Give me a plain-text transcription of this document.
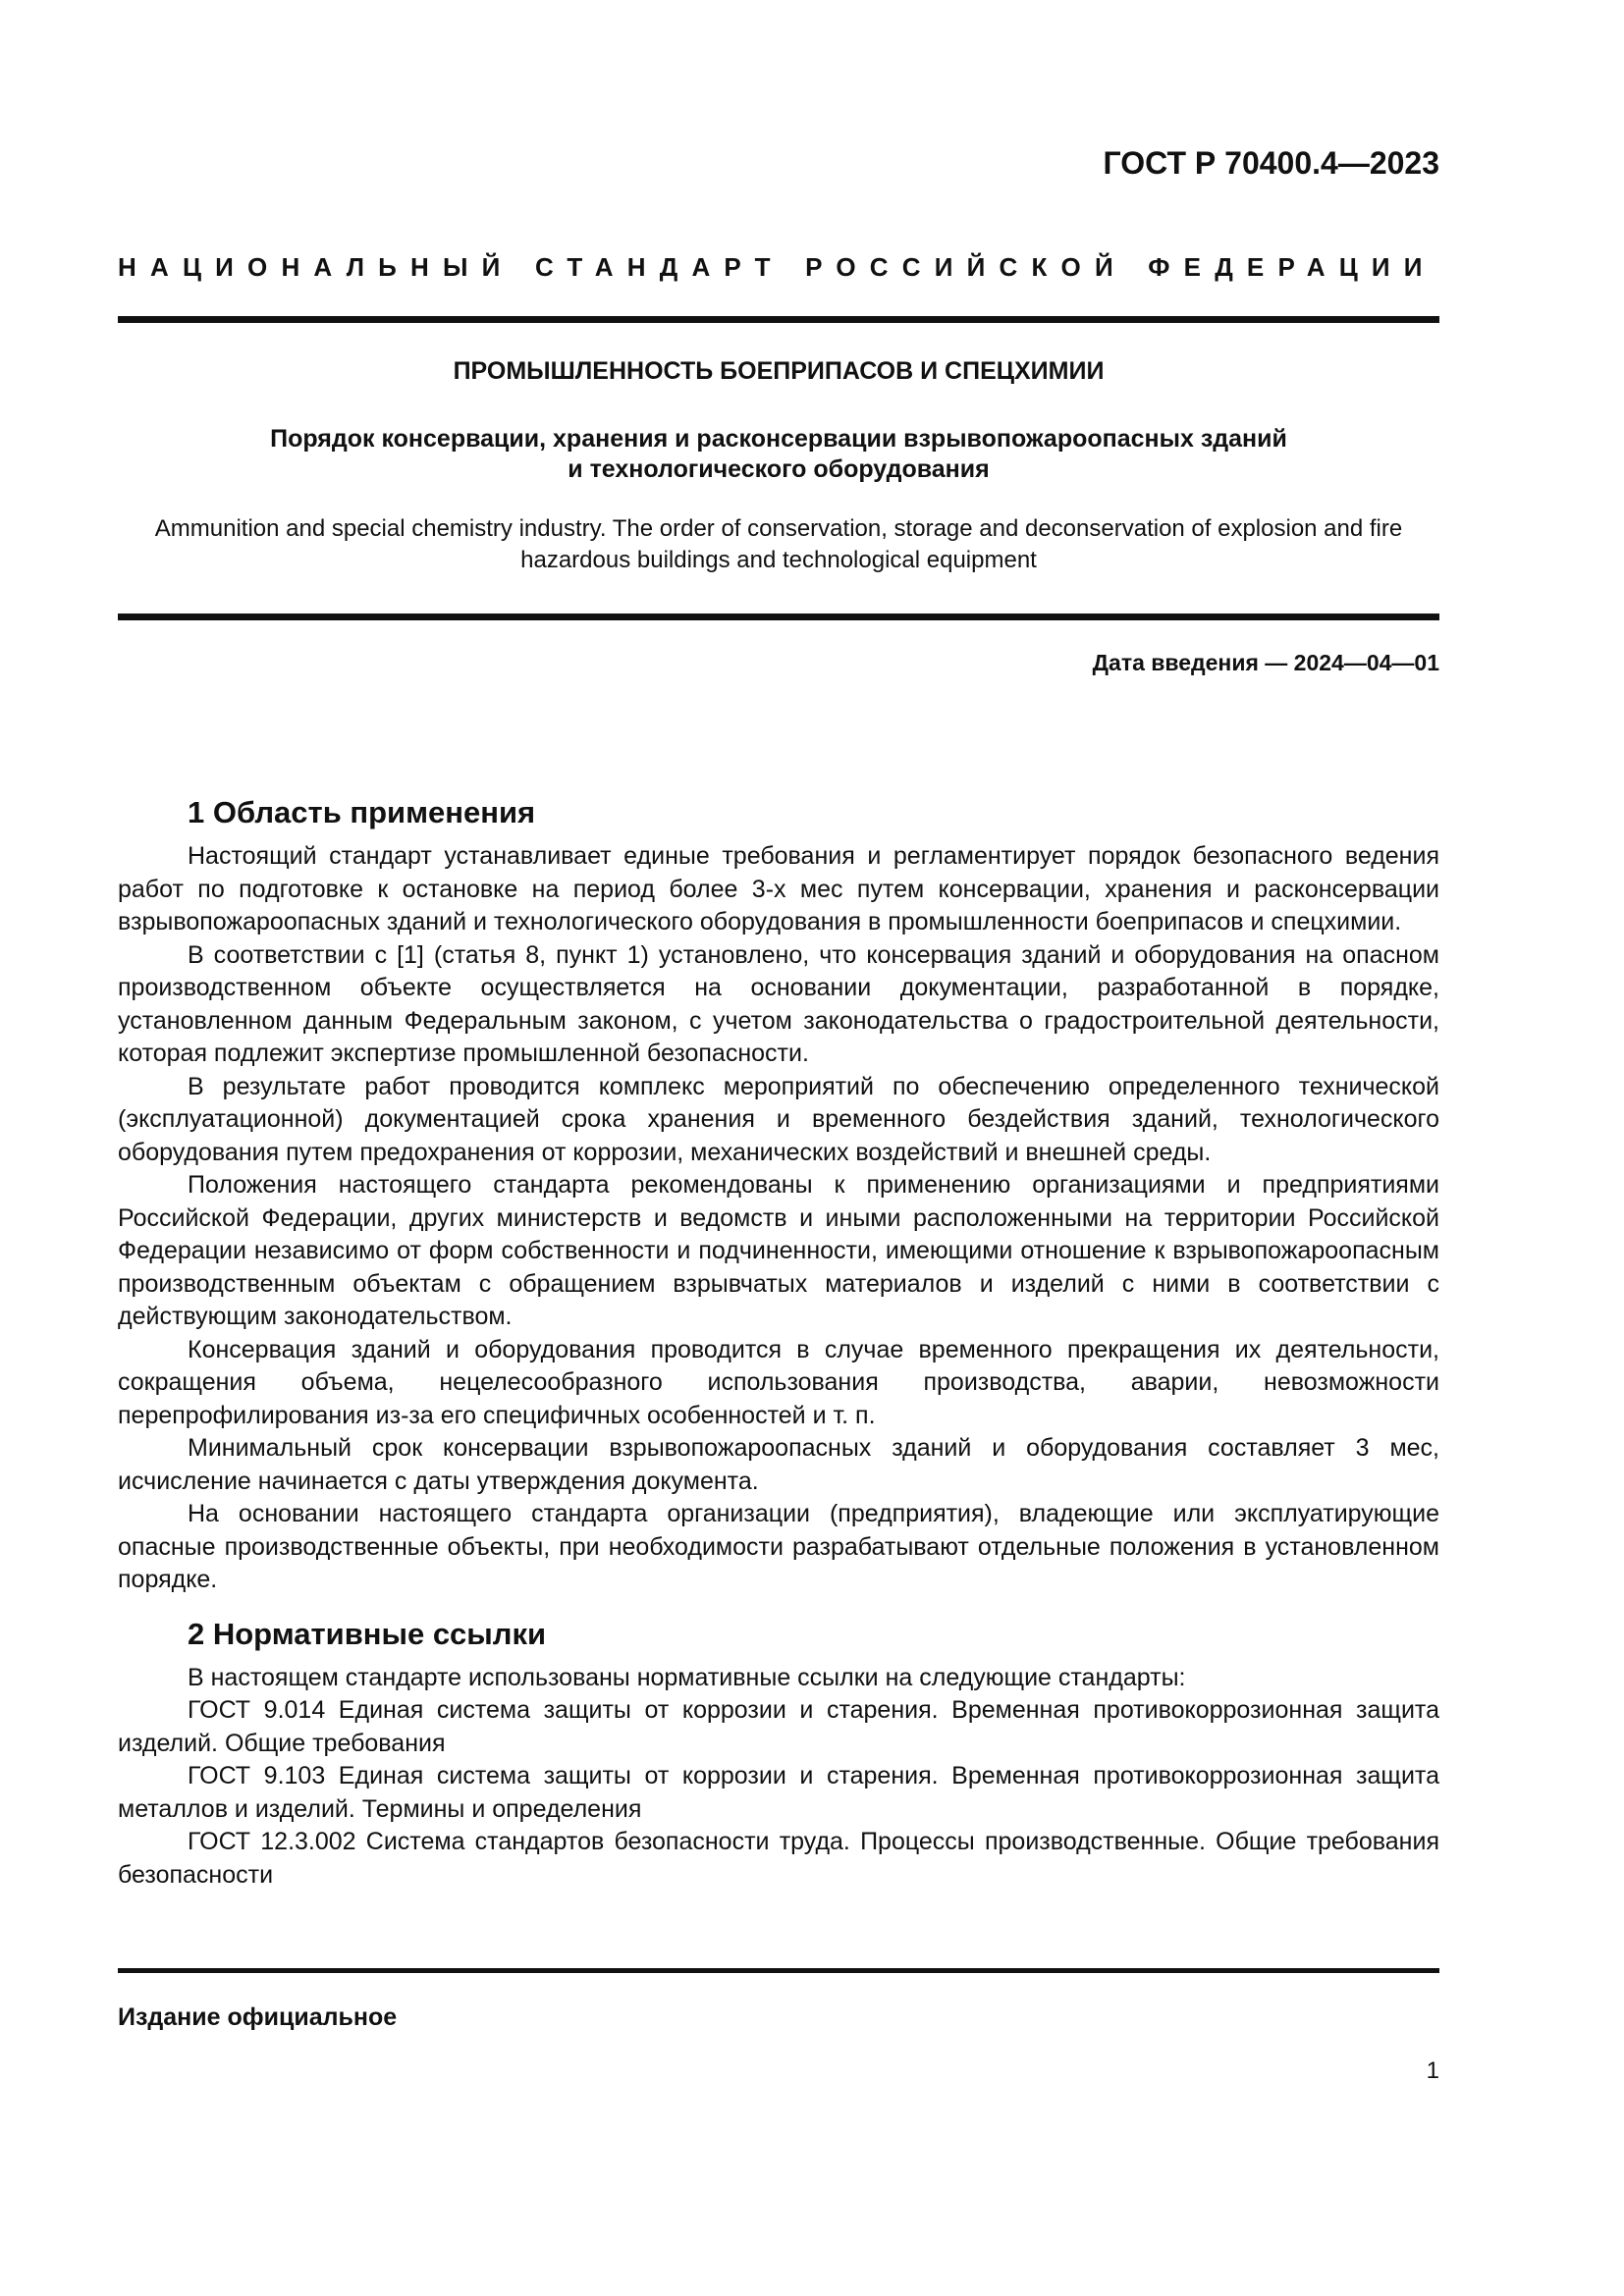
ГОСТ Р 70400.4—2023
НАЦИОНАЛЬНЫЙ СТАНДАРТ РОССИЙСКОЙ ФЕДЕРАЦИИ
ПРОМЫШЛЕННОСТЬ БОЕПРИПАСОВ И СПЕЦХИМИИ
Порядок консервации, хранения и расконсервации взрывопожароопасных зданий
и технологического оборудования
Ammunition and special chemistry industry. The order of conservation, storage and deconservation of explosion and fire
hazardous buildings and technological equipment
Дата введения — 2024—04—01
1 Область применения

Настоящий стандарт устанавливает единые требования и регламентирует порядок безопасного ведения работ по подготовке к остановке на период более 3-х мес путем консервации, хранения и расконсервации взрывопожароопасных зданий и технологического оборудования в промышленности боеприпасов и спецхимии.

В соответствии с [1] (статья 8, пункт 1) установлено, что консервация зданий и оборудования на опасном производственном объекте осуществляется на основании документации, разработанной в порядке, установленном данным Федеральным законом, с учетом законодательства о градостроительной деятельности, которая подлежит экспертизе промышленной безопасности.

В результате работ проводится комплекс мероприятий по обеспечению определенного технической (эксплуатационной) документацией срока хранения и временного бездействия зданий, технологического оборудования путем предохранения от коррозии, механических воздействий и внешней среды.

Положения настоящего стандарта рекомендованы к применению организациями и предприятиями Российской Федерации, других министерств и ведомств и иными расположенными на территории Российской Федерации независимо от форм собственности и подчиненности, имеющими отношение к взрывопожароопасным производственным объектам с обращением взрывчатых материалов и изделий с ними в соответствии с действующим законодательством.

Консервация зданий и оборудования проводится в случае временного прекращения их деятельности, сокращения объема, нецелесообразного использования производства, аварии, невозможности перепрофилирования из-за его специфичных особенностей и т. п.

Минимальный срок консервации взрывопожароопасных зданий и оборудования составляет 3 мес, исчисление начинается с даты утверждения документа.

На основании настоящего стандарта организации (предприятия), владеющие или эксплуатирующие опасные производственные объекты, при необходимости разрабатывают отдельные положения в установленном порядке.

2 Нормативные ссылки

В настоящем стандарте использованы нормативные ссылки на следующие стандарты:

ГОСТ 9.014 Единая система защиты от коррозии и старения. Временная противокоррозионная защита изделий. Общие требования

ГОСТ 9.103 Единая система защиты от коррозии и старения. Временная противокоррозионная защита металлов и изделий. Термины и определения

ГОСТ 12.3.002 Система стандартов безопасности труда. Процессы производственные. Общие требования безопасности

Издание официальное
1
